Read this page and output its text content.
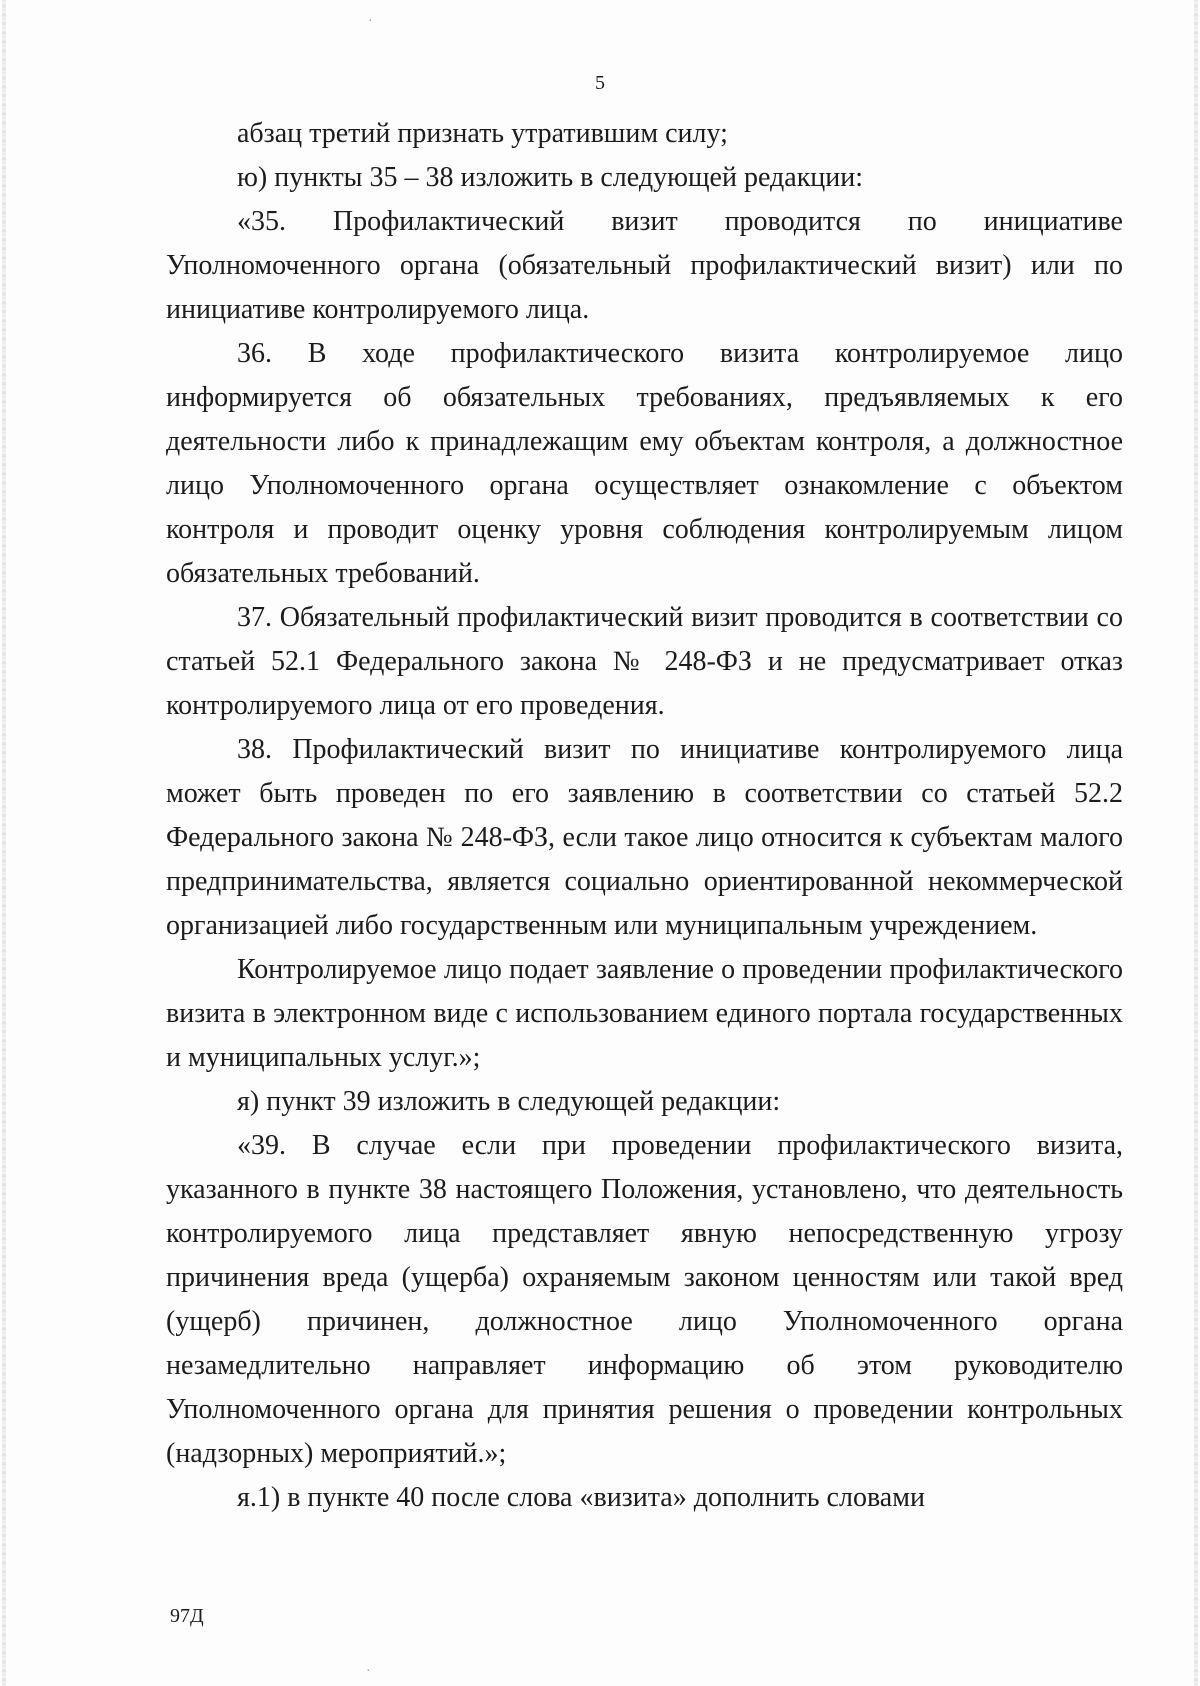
·
·
5

абзац третий признать утратившим силу;

ю) пункты 35 – 38 изложить в следующей редакции:

«35. Профилактический визит проводится по инициативе Уполномоченного органа (обязательный профилактический визит) или по инициативе контролируемого лица.

36. В ходе профилактического визита контролируемое лицо информируется об обязательных требованиях, предъявляемых к его деятельности либо к принадлежащим ему объектам контроля, а должностное лицо Уполномоченного органа осуществляет ознакомление с объектом контроля и проводит оценку уровня соблюдения контролируемым лицом обязательных требований.

37. Обязательный профилактический визит проводится в соответствии со статьей 52.1 Федерального закона № 248-ФЗ и не предусматривает отказ контролируемого лица от его проведения.

38. Профилактический визит по инициативе контролируемого лица может быть проведен по его заявлению в соответствии со статьей 52.2 Федерального закона № 248-ФЗ, если такое лицо относится к субъектам малого предпринимательства, является социально ориентированной некоммерческой организацией либо государственным или муниципальным учреждением.

Контролируемое лицо подает заявление о проведении профилактического визита в электронном виде с использованием единого портала государственных и муниципальных услуг.»;

я) пункт 39 изложить в следующей редакции:

«39. В случае если при проведении профилактического визита, указанного в пункте 38 настоящего Положения, установлено, что деятельность контролируемого лица представляет явную непосредственную угрозу причинения вреда (ущерба) охраняемым законом ценностям или такой вред (ущерб) причинен, должностное лицо Уполномоченного органа незамедлительно направляет информацию об этом руководителю Уполномоченного органа для принятия решения о проведении контрольных (надзорных) мероприятий.»;

я.1) в пункте 40 после слова «визита» дополнить словами

97Д
